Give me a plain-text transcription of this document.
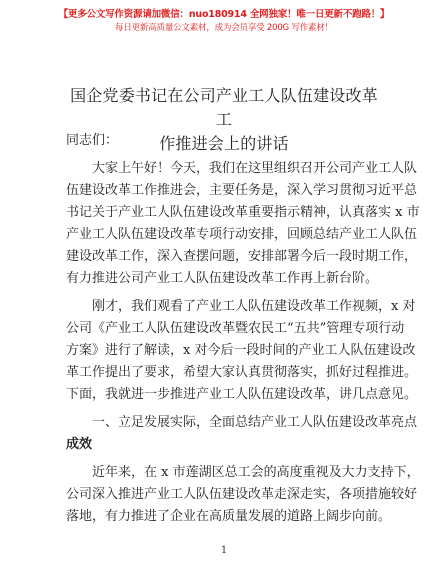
【更多公文写作资源请加微信：nuo180914 全网独家！唯一日更新不跑路！】
每日更新高质量公文素材，成为会员享受 200G 写作素材！
国企党委书记在公司产业工人队伍建设改革工
作推进会上的讲话
同志们：
大家上午好！今天，我们在这里组织召开公司产业工人队
伍建设改革工作推进会，主要任务是，深入学习贯彻习近平总
书记关于产业工人队伍建设改革重要指示精神，认真落实 x 市
产业工人队伍建设改革专项行动安排，回顾总结产业工人队伍
建设改革工作，深入查摆问题，安排部署今后一段时期工作，
有力推进公司产业工人队伍建设改革工作再上新台阶。
刚才，我们观看了产业工人队伍建设改革工作视频，x 对
公司《产业工人队伍建设改革暨农民工“五共”管理专项行动
方案》进行了解读，x 对今后一段时间的产业工人队伍建设改
革工作提出了要求，希望大家认真贯彻落实，抓好过程推进。
下面，我就进一步推进产业工人队伍建设改革，讲几点意见。
一、立足发展实际，全面总结产业工人队伍建设改革亮点
成效
近年来，在 x 市莲湖区总工会的高度重视及大力支持下，
公司深入推进产业工人队伍建设改革走深走实，各项措施较好
落地，有力推进了企业在高质量发展的道路上阔步向前。
1
